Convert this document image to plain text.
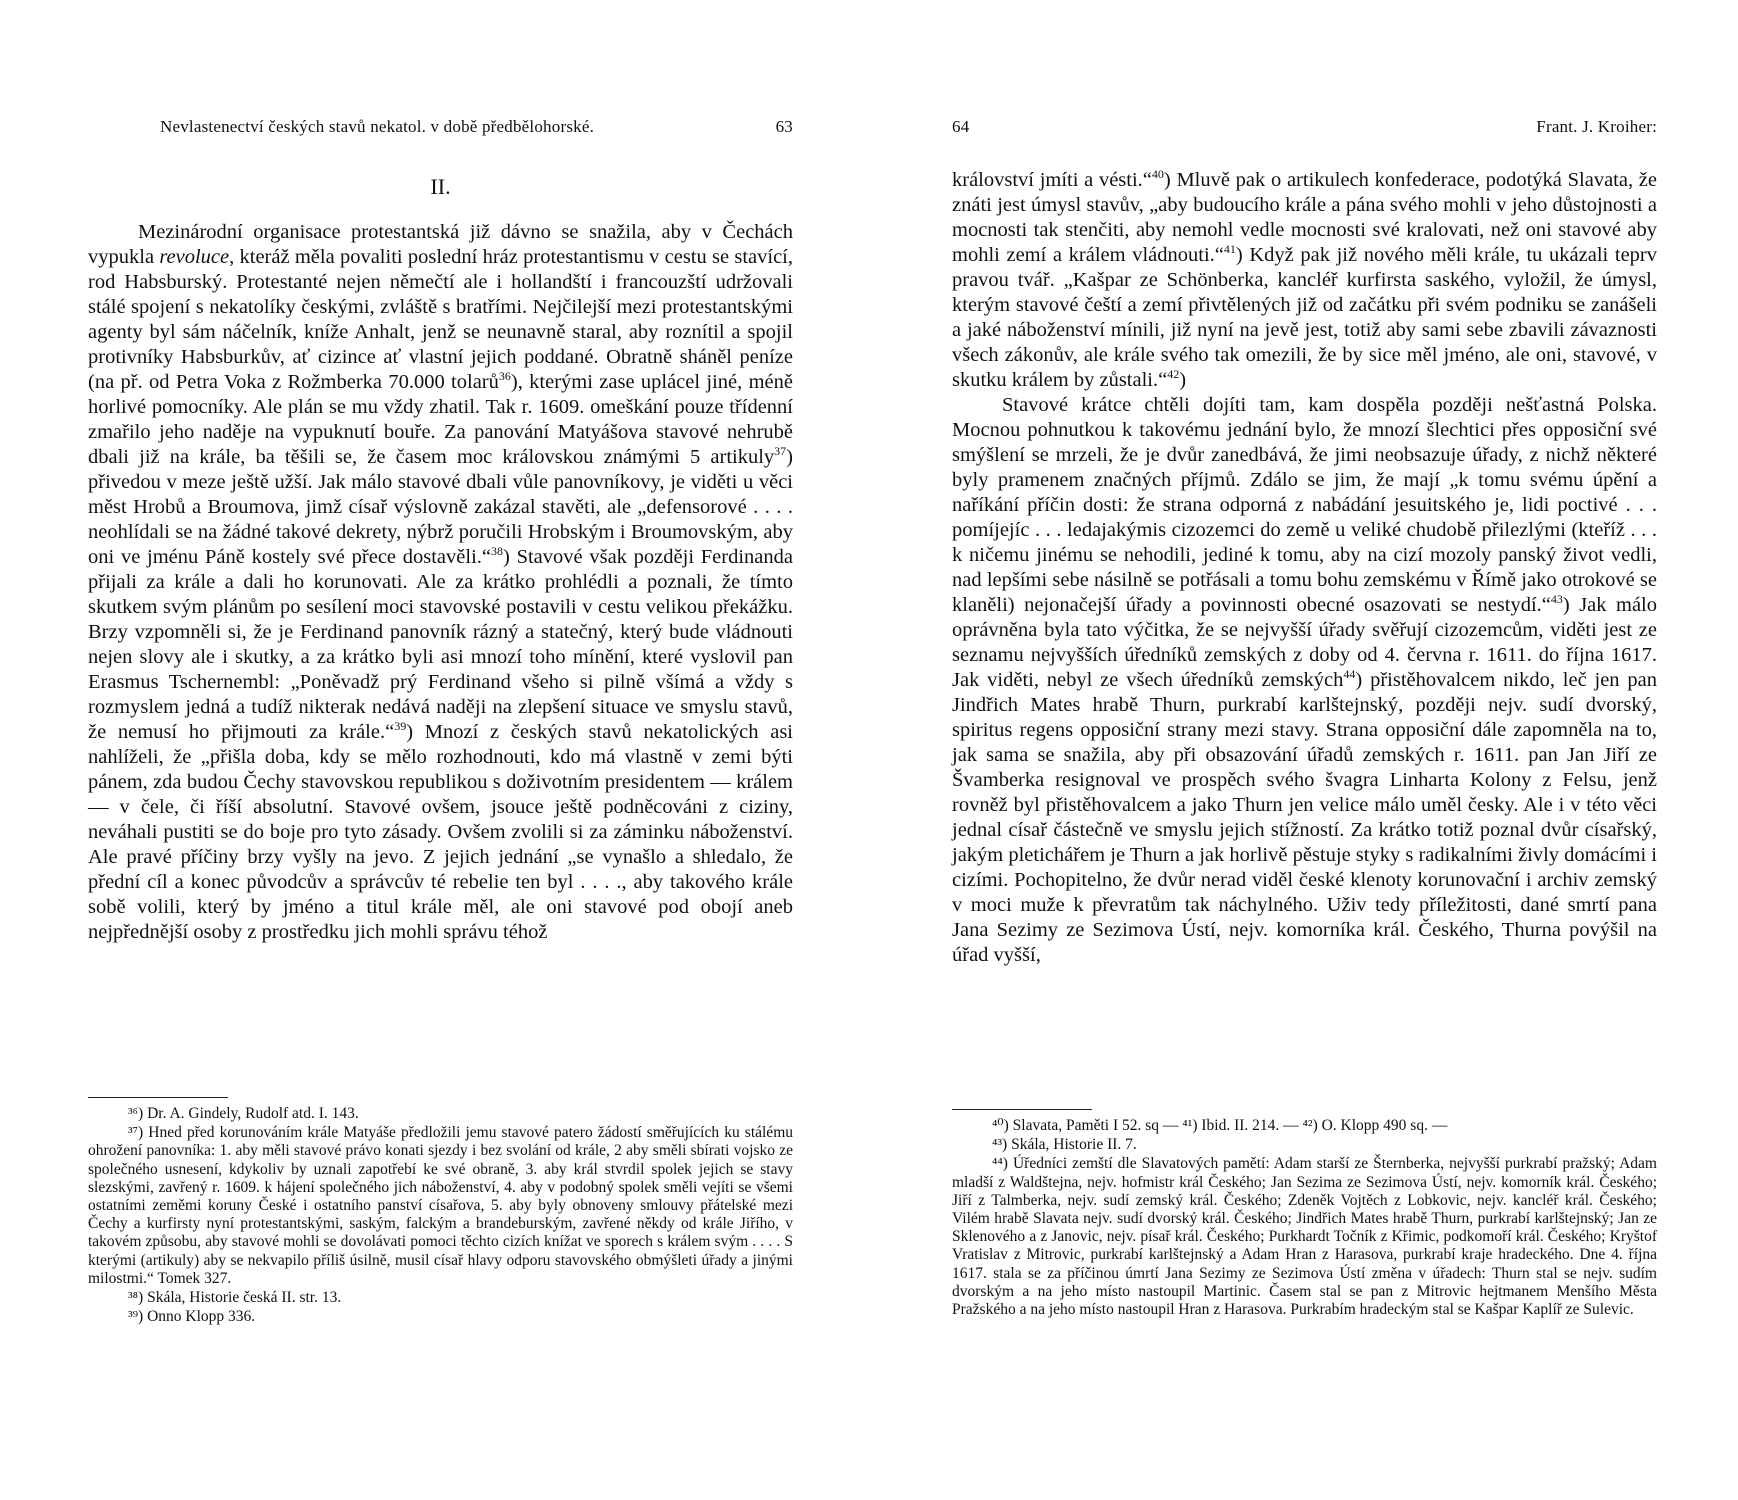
Nevlastenectví českých stavů nekatol. v době předbělohorské.	63
II.

Mezinárodní organisace protestantská již dávno se snažila, aby v Čechách vypukla revoluce, kteráž měla povaliti poslední hráz protestantismu v cestu se stavící, rod Habsburský. Protestanté nejen němečtí ale i hollandští i francouzští udržovali stálé spojení s nekatolíky českými, zvláště s bratřími. Nejčilejší mezi protestantskými agenty byl sám náčelník, kníže Anhalt, jenž se neunavně staral, aby roznítil a spojil protivníky Habsburkův, ať cizince ať vlastní jejich poddané. Obratně sháněl peníze (na př. od Petra Voka z Rožmberka 70.000 tolarů$^{36}$), kterými zase uplácel jiné, méně horlivé pomocníky. Ale plán se mu vždy zhatil. Tak r. 1609. omeškání pouze třídenní zmařilo jeho naděje na vypuknutí bouře. Za panování Matyášova stavové nehrubě dbali již na krále, ba těšili se, že časem moc královskou známými 5 artikuly$^{37}$) přivedou v meze ještě užší. Jak málo stavové dbali vůle panovníkovy, je viděti u věci měst Hrobů a Broumova, jimž císař výslovně zakázal stavěti, ale „defensorové . . . . neohlídali se na žádné takové dekrety, nýbrž poručili Hrobským i Broumovským, aby oni ve jménu Páně kostely své přece dostavěli.“$^{38}$) Stavové však později Ferdinanda přijali za krále a dali ho korunovati. Ale za krátko prohlédli a poznali, že tímto skutkem svým plánům po sesílení moci stavovské postavili v cestu velikou překážku. Brzy vzpomněli si, že je Ferdinand panovník rázný a statečný, který bude vládnouti nejen slovy ale i skutky, a za krátko byli asi mnozí toho mínění, které vyslovil pan Erasmus Tschernembl: „Poněvadž prý Ferdinand všeho si pilně všímá a vždy s rozmyslem jedná a tudíž nikterak nedává naději na zlepšení situace ve smyslu stavů, že nemusí ho přijmouti za krále.“$^{39}$) Mnozí z českých stavů nekatolických asi nahlíželi, že „přišla doba, kdy se mělo rozhodnouti, kdo má vlastně v zemi býti pánem, zda budou Čechy stavovskou republikou s doživotním presidentem — králem — v čele, či říší absolutní. Stavové ovšem, jsouce ještě podněcováni z ciziny, neváhali pustiti se do boje pro tyto zásady. Ovšem zvolili si za záminku náboženství. Ale pravé příčiny brzy vyšly na jevo. Z jejich jednání „se vynašlo a shledalo, že přední cíl a konec původcův a správcův té rebelie ten byl . . . ., aby takového krále sobě volili, který by jméno a titul krále měl, ale oni stavové pod obojí aneb nejpřednější osoby z prostředku jich mohli správu téhož

³⁶) Dr. A. Gindely, Rudolf atd. I. 143.

³⁷) Hned před korunováním krále Matyáše předložili jemu stavové patero žádostí směřujících ku stálému ohrožení panovníka: 1. aby měli stavové právo konati sjezdy i bez svolání od krále, 2 aby směli sbírati vojsko ze společného usnesení, kdykoliv by uznali zapotřebí ke své obraně, 3. aby král stvrdil spolek jejich se stavy slezskými, zavřený r. 1609. k hájení společného jich náboženství, 4. aby v podobný spolek směli vejíti se všemi ostatními zeměmi koruny České i ostatního panství císařova, 5. aby byly obnoveny smlouvy přátelské mezi Čechy a kurfirsty nyní protestantskými, saským, falckým a brandeburským, zavřené někdy od krále Jiřího, v takovém způsobu, aby stavové mohli se dovolávati pomoci těchto cizích knížat ve sporech s králem svým . . . . S kterými (artikuly) aby se nekvapilo příliš úsilně, musil císař hlavy odporu stavovského obmýšleti úřady a jinými milostmi.“ Tomek 327.

³⁸) Skála, Historie česká II. str. 13.

³⁹) Onno Klopp 336.

64	Frant. J. Kroiher:

království jmíti a vésti.“$^{40}$) Mluvě pak o artikulech konfederace, podotýká Slavata, že znáti jest úmysl stavův, „aby budoucího krále a pána svého mohli v jeho důstojnosti a mocnosti tak stenčiti, aby nemohl vedle mocnosti své kralovati, než oni stavové aby mohli zemí a králem vládnouti.“$^{41}$) Když pak již nového měli krále, tu ukázali teprv pravou tvář. „Kašpar ze Schönberka, kancléř kurfirsta saského, vyložil, že úmysl, kterým stavové čeští a zemí přivtělených již od začátku při svém podniku se zanášeli a jaké náboženství mínili, již nyní na jevě jest, totiž aby sami sebe zbavili závaznosti všech zákonův, ale krále svého tak omezili, že by sice měl jméno, ale oni, stavové, v skutku králem by zůstali.“$^{42}$)

Stavové krátce chtěli dojíti tam, kam dospěla později nešťastná Polska. Mocnou pohnutkou k takovému jednání bylo, že mnozí šlechtici přes opposiční své smýšlení se mrzeli, že je dvůr zanedbává, že jimi neobsazuje úřady, z nichž některé byly pramenem značných příjmů. Zdálo se jim, že mají „k tomu svému úpění a naříkání příčin dosti: že strana odporná z nabádání jesuitského je, lidi poctivé . . . pomíjejíc . . . ledajakýmis cizozemci do země u veliké chudobě přilezlými (kteříž . . . k ničemu jinému se nehodili, jediné k tomu, aby na cizí mozoly panský život vedli, nad lepšími sebe násilně se potřásali a tomu bohu zemskému v Římě jako otrokové se klaněli) nejonačejší úřady a povinnosti obecné osazovati se nestydí.“$^{43}$) Jak málo oprávněna byla tato výčitka, že se nejvyšší úřady svěřují cizozemcům, viděti jest ze seznamu nejvyšších úředníků zemských z doby od 4. června r. 1611. do října 1617. Jak viděti, nebyl ze všech úředníků zemských$^{44}$) přistěhovalcem nikdo, leč jen pan Jindřich Mates hrabě Thurn, purkrabí karlštejnský, později nejv. sudí dvorský, spiritus regens opposiční strany mezi stavy. Strana opposiční dále zapomněla na to, jak sama se snažila, aby při obsazování úřadů zemských r. 1611. pan Jan Jiří ze Švamberka resignoval ve prospěch svého švagra Linharta Kolony z Felsu, jenž rovněž byl přistěhovalcem a jako Thurn jen velice málo uměl česky. Ale i v této věci jednal císař částečně ve smyslu jejich stížností. Za krátko totiž poznal dvůr císařský, jakým pletichářem je Thurn a jak horlivě pěstuje styky s radikalními živly domácími i cizími. Pochopitelno, že dvůr nerad viděl české klenoty korunovační i archiv zemský v moci muže k převratům tak náchylného. Uživ tedy příležitosti, dané smrtí pana Jana Sezimy ze Sezimova Ústí, nejv. komorníka král. Českého, Thurna povýšil na úřad vyšší,

⁴⁰) Slavata, Paměti I 52. sq — ⁴¹) Ibid. II. 214. — ⁴²) O. Klopp 490 sq. —

⁴³) Skála, Historie II. 7.

⁴⁴) Úředníci zemští dle Slavatových pamětí: Adam starší ze Šternberka, nejvyšší purkrabí pražský; Adam mladší z Waldštejna, nejv. hofmistr král Českého; Jan Sezima ze Sezimova Ústí, nejv. komorník král. Českého; Jiří z Talmberka, nejv. sudí zemský král. Českého; Zdeněk Vojtěch z Lobkovic, nejv. kancléř král. Českého; Vilém hrabě Slavata nejv. sudí dvorský král. Českého; Jindřich Mates hrabě Thurn, purkrabí karlštejnský; Jan ze Sklenového a z Janovic, nejv. písař král. Českého; Purkhardt Točník z Křimic, podkomoří král. Českého; Kryštof Vratislav z Mitrovic, purkrabí karlštejnský a Adam Hran z Harasova, purkrabí kraje hradeckého. Dne 4. října 1617. stala se za příčinou úmrtí Jana Sezimy ze Sezimova Ústí změna v úřadech: Thurn stal se nejv. sudím dvorským a na jeho místo nastoupil Martinic. Časem stal se pan z Mitrovic hejtmanem Menšího Města Pražského a na jeho místo nastoupil Hran z Harasova. Purkrabím hradeckým stal se Kašpar Kaplíř ze Sulevic.
